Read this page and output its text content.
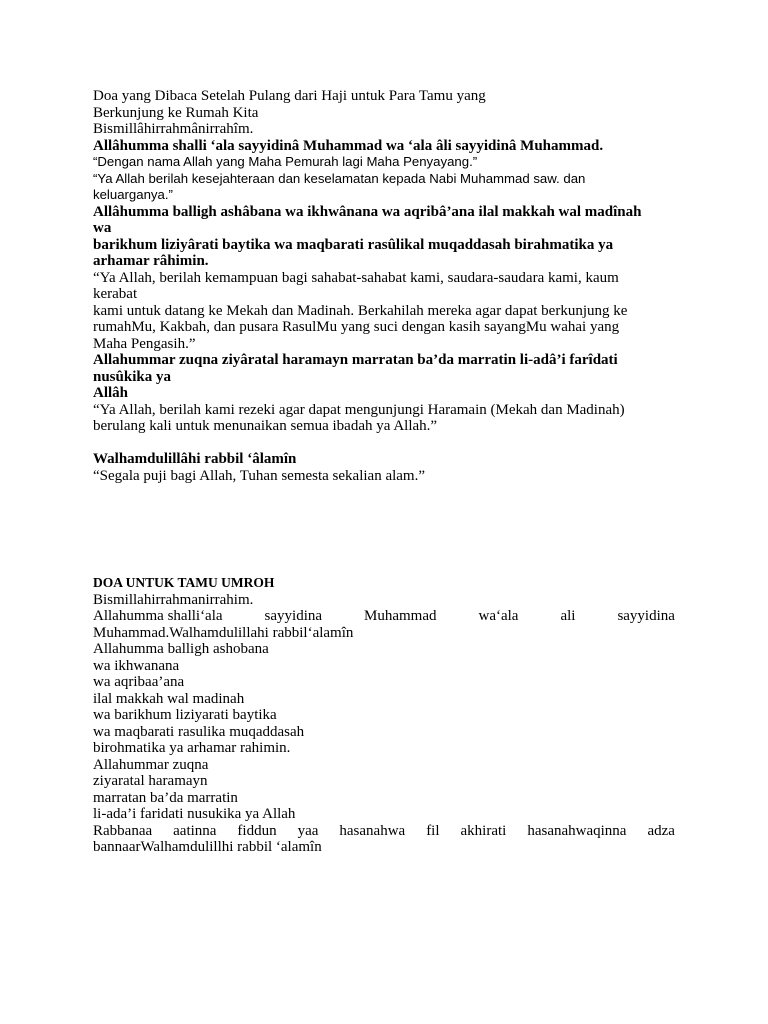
Doa yang Dibaca Setelah Pulang dari Haji untuk Para Tamu yang
Berkunjung ke Rumah Kita
Bismillâhirrahmânirrahîm.
Allâhumma shalli ‘ala sayyidinâ Muhammad wa ‘ala âli sayyidinâ Muhammad.
“Dengan nama Allah yang Maha Pemurah lagi Maha Penyayang.”
“Ya Allah berilah kesejahteraan dan keselamatan kepada Nabi Muhammad saw. dan
keluarganya.”
Allâhumma balligh ashâbana wa ikhwânana wa aqribâ’ana ilal makkah wal madînah
wa
barikhum liziyârati baytika wa maqbarati rasûlikal muqaddasah birahmatika ya
arhamar râhimin.
“Ya Allah, berilah kemampuan bagi sahabat-sahabat kami, saudara-saudara kami, kaum
kerabat
kami untuk datang ke Mekah dan Madinah. Berkahilah mereka agar dapat berkunjung ke
rumahMu, Kakbah, dan pusara RasulMu yang suci dengan kasih sayangMu wahai yang
Maha Pengasih.”
Allahummar zuqna ziyâratal haramayn marratan ba’da marratin li-adâ’i farîdati
nusûkika ya
Allâh
“Ya Allah, berilah kami rezeki agar dapat mengunjungi Haramain (Mekah dan Madinah)
berulang kali untuk menunaikan semua ibadah ya Allah.”
Walhamdulillâhi rabbil ‘âlamîn
“Segala puji bagi Allah, Tuhan semesta sekalian alam.”
DOA UNTUK TAMU UMROH
Bismillahirrahmanirrahim.
Allahumma shalli‘ala	sayyidina	Muhammad	wa‘ala	ali	sayyidina
Muhammad.Walhamdulillahi rabbil‘alamîn
Allahumma balligh ashobana
wa ikhwanana
wa aqribaa’ana
ilal makkah wal madinah
wa barikhum liziyarati baytika
wa maqbarati rasulika muqaddasah
birohmatika ya arhamar rahimin.
Allahummar zuqna
ziyaratal haramayn
marratan ba’da marratin
li-ada’i faridati nusukika ya Allah
Rabbanaa aatinna fiddun yaa hasanahwa fil akhirati hasanahwaqinna adza
bannaarWalhamdulillhi rabbil ‘alamîn
